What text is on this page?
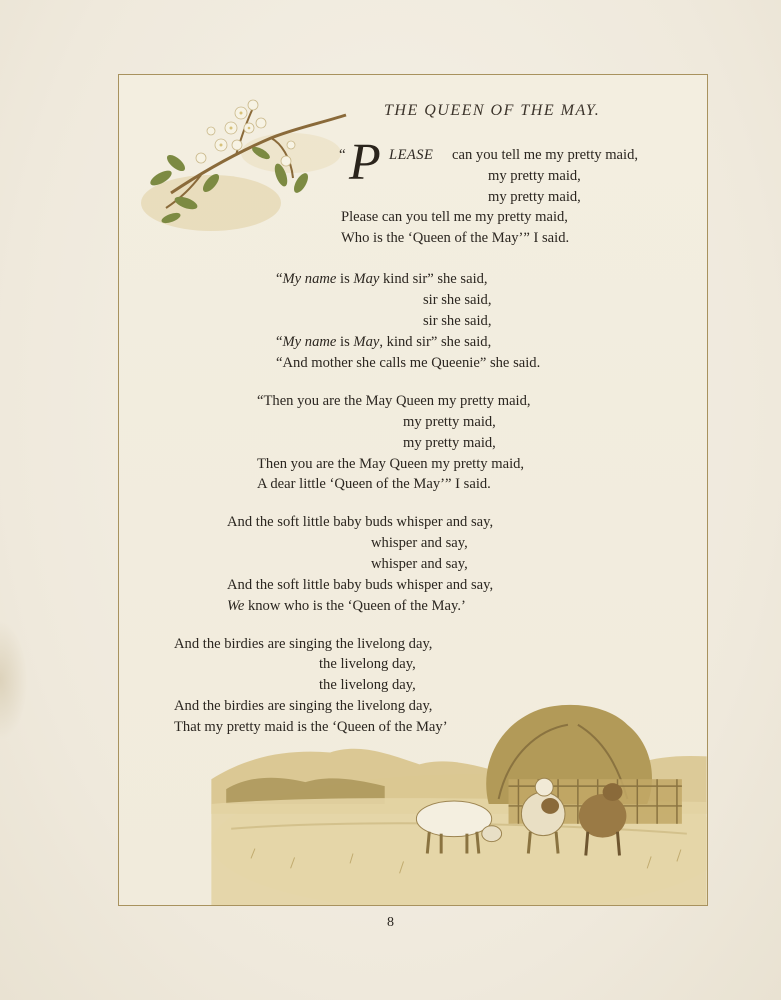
THE QUEEN OF THE MAY.
“ P LEASE can you tell me my pretty maid,
my pretty maid,
my pretty maid,
Please can you tell me my pretty maid,
Who is the ‘Queen of the May’” I said.
“My name is May kind sir” she said,
sir she said,
sir she said,
“My name is May, kind sir” she said,
“And mother she calls me Queenie” she said.
“Then you are the May Queen my pretty maid,
my pretty maid,
my pretty maid,
Then you are the May Queen my pretty maid,
A dear little ‘Queen of the May’” I said.
And the soft little baby buds whisper and say,
whisper and say,
whisper and say,
And the soft little baby buds whisper and say,
We know who is the ‘Queen of the May.’
And the birdies are singing the livelong day,
the livelong day,
the livelong day,
And the birdies are singing the livelong day,
That my pretty maid is the ‘Queen of the May’
8
